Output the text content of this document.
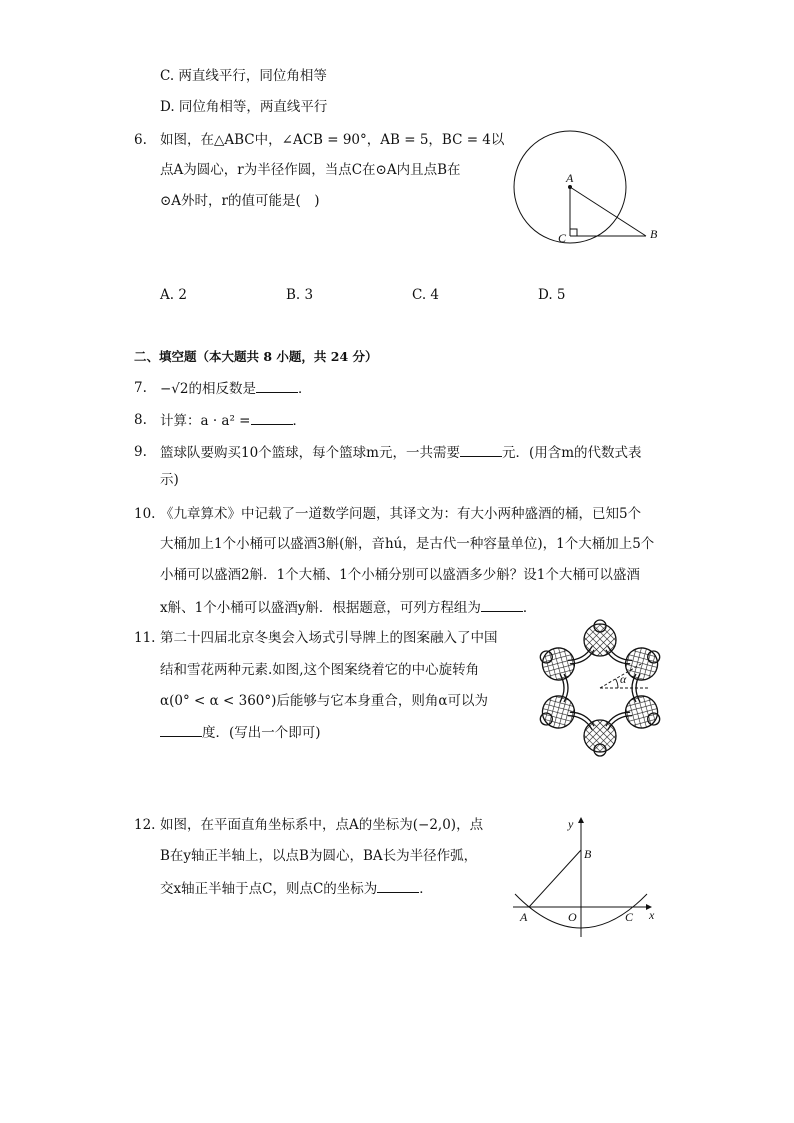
C. 两直线平行，同位角相等
D. 同位角相等，两直线平行
6. 如图，在△ABC中，∠ACB = 90°，AB = 5，BC = 4以
点A为圆心，r为半径作圆，当点C在⊙A内且点B在
⊙A外时，r的值可能是(　)
A
C	B
A. 2	B. 3	C. 4	D. 5
二、填空题（本大题共 8 小题，共 24 分）
7. −√2的相反数是	．
8. 计算：a · a² =	．
9. 篮球队要购买10个篮球，每个篮球m元，一共需要	元．(用含m的代数式表
示)
10. 《九章算术》中记载了一道数学问题，其译文为：有大小两种盛酒的桶，已知5个
大桶加上1个小桶可以盛酒3斛(斛，音hú，是古代一种容量单位)，1个大桶加上5个
小桶可以盛酒2斛．1个大桶、1个小桶分别可以盛酒多少斛？设1个大桶可以盛酒
x斛、1个小桶可以盛酒y斛．根据题意，可列方程组为	．
11. 第二十四届北京冬奥会入场式引导牌上的图案融入了中国
结和雪花两种元素.如图,这个图案绕着它的中心旋转角
α(0° < α < 360°)后能够与它本身重合，则角α可以为
度．(写出一个即可)
α
12. 如图，在平面直角坐标系中，点A的坐标为(−2,0)，点
B在y轴正半轴上，以点B为圆心，BA长为半径作弧，
交x轴正半轴于点C，则点C的坐标为	．
y
B
A	O	C x
